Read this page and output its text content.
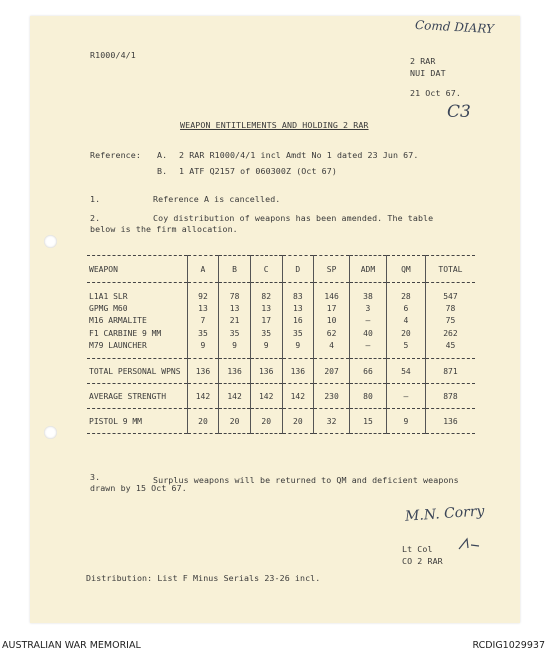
R1000/4/1
Comd DIARY
2 RAR
NUI DAT
21 Oct 67.
C3
WEAPON ENTITLEMENTS AND HOLDING 2 RAR
Reference: A. 2 RAR R1000/4/1 incl Amdt No 1 dated 23 Jun 67.
B. 1 ATF Q2157 of 060300Z (Oct 67)
1.	Reference A is cancelled.
2.	Coy distribution of weapons has been amended. The table
below is the firm allocation.
WEAPON	A	B	C	D	SP	ADM	QM	TOTAL

L1A1 SLR	92	78	82	83	146	38	28	547
GPMG M60	13	13	13	13	17	3	6	78
M16 ARMALITE	7	21	17	16	10	–	4	75
F1 CARBINE 9 MM	35	35	35	35	62	40	20	262
M79 LAUNCHER	9	9	9	9	4	–	5	45

TOTAL PERSONAL WPNS	136	136	136	136	207	66	54	871
AVERAGE STRENGTH	142	142	142	142	230	80	–	878
PISTOL 9 MM	20	20	20	20	32	15	9	136
3.	Surplus weapons will be returned to QM and deficient weapons
drawn by 15 Oct 67.
M.N. Corry
Lt Col
CO 2 RAR
Distribution: List F Minus Serials 23-26 incl.
AUSTRALIAN WAR MEMORIAL	RCDIG1029937
